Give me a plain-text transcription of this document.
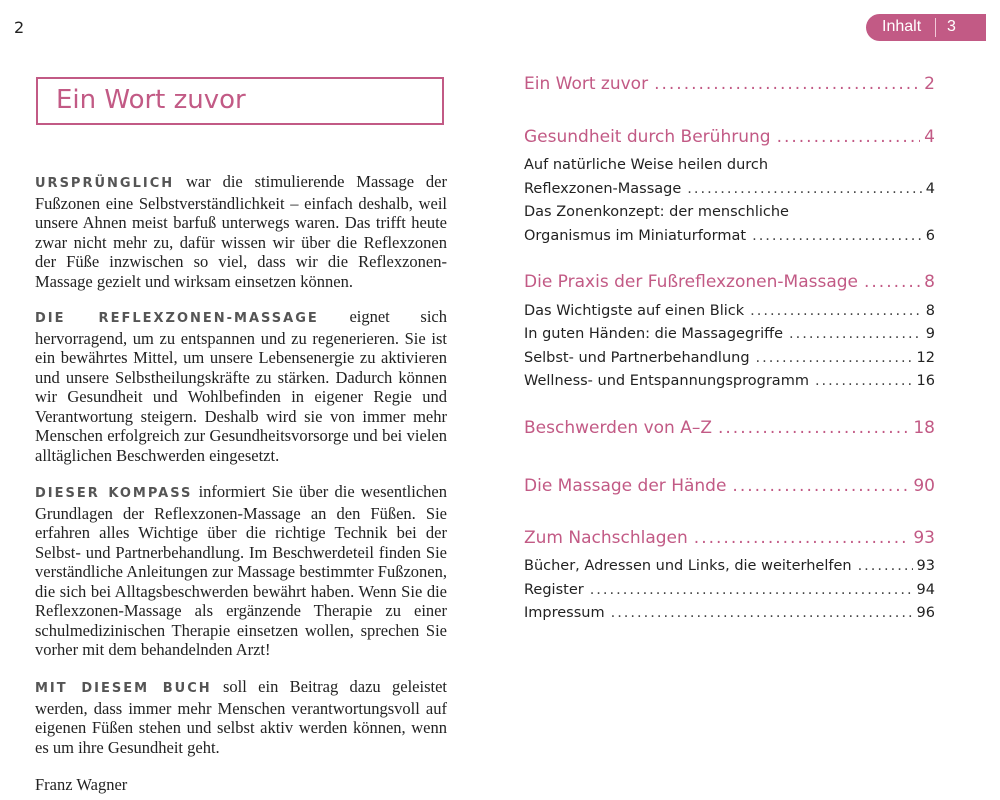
2	Inhalt 3
Ein Wort zuvor

URSPRÜNGLICH war die stimulierende Massage der Fußzonen eine Selbstverständlichkeit – einfach deshalb, weil unsere Ahnen meist barfuß unterwegs waren. Das trifft heute zwar nicht mehr zu, dafür wissen wir über die Reflexzonen der Füße inzwischen so viel, dass wir die Reflexzonen-Massage gezielt und wirksam einsetzen können.

DIE REFLEXZONEN-MASSAGE eignet sich hervorragend, um zu entspannen und zu regenerieren. Sie ist ein bewährtes Mittel, um unsere Lebensenergie zu aktivieren und unsere Selbstheilungskräfte zu stärken. Dadurch können wir Gesundheit und Wohlbefinden in eigener Regie und Verantwortung steigern. Deshalb wird sie von immer mehr Menschen erfolgreich zur Gesundheitsvorsorge und bei vielen alltäglichen Beschwerden eingesetzt.

DIESER KOMPASS informiert Sie über die wesentlichen Grundlagen der Reflexzonen-Massage an den Füßen. Sie erfahren alles Wichtige über die richtige Technik bei der Selbst- und Partnerbehandlung. Im Beschwerdeteil finden Sie verständliche Anleitungen zur Massage bestimmter Fußzonen, die sich bei Alltagsbeschwerden bewährt haben. Wenn Sie die Reflexzonen-Massage als ergänzende Therapie zu einer schulmedizinischen Therapie einsetzen wollen, sprechen Sie vorher mit dem behandelnden Arzt!

MIT DIESEM BUCH soll ein Beitrag dazu geleistet werden, dass immer mehr Menschen verantwortungsvoll auf eigenen Füßen stehen und selbst aktiv werden können, wenn es um ihre Gesundheit geht.

Franz Wagner
Ein Wort zuvor .....	2
Gesundheit durch Berührung .....	4
Auf natürliche Weise heilen durch
Reflexzonen-Massage .....	4
Das Zonenkonzept: der menschliche
Organismus im Miniaturformat .....	6
Die Praxis der Fußreflexzonen-Massage .....	8
Das Wichtigste auf einen Blick .....	8
In guten Händen: die Massagegriffe .....	9
Selbst- und Partnerbehandlung .....	12
Wellness- und Entspannungsprogramm .....	16
Beschwerden von A–Z .....	18
Die Massage der Hände .....	90
Zum Nachschlagen .....	93
Bücher, Adressen und Links, die weiterhelfen .....	93
Register .....	94
Impressum .....	96
